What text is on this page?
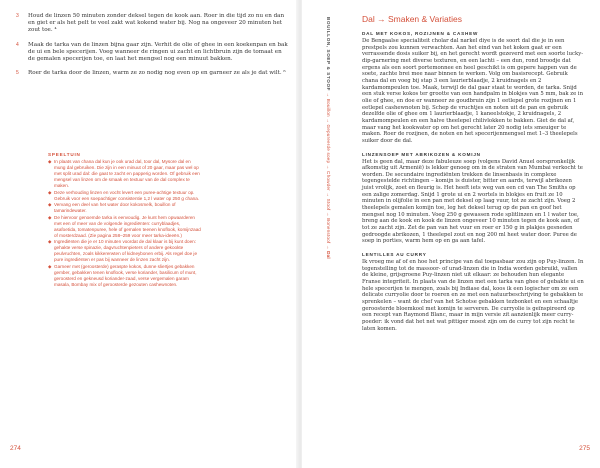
3 Houd de linzen 50 minuten zonder deksel tegen de kook aan. Roer in die tijd zo nu en dan en giet er als het pelt te veel zakt wat kokend water bij. Nog na ongeveer 20 minuten het zout toe. ⁴
4 Maak de tarka van de linzen bijna gaar zijn. Verhit de olie of ghee in een koekenpan en bak de ui en bele specerijen. Voeg wanneer de ringen ui zacht en lichtbruin zijn de tomaat en de gemalen specerijen toe, en laat het mengsel nog een minuut bakken.
5 Roer de tarka door de linzen, warm ze zo nodig nog even op en garneer ze als je dat wilt. ⁶
SPEELTUIN
◆ In plaats van chana dal kun je ook urad dal, toor dal, Mysore dal en mung dal gebruiken. Die zijn in een minuut of 20 gaar, maar pas wel op met split urad dal: die gaat te zacht en papperig worden. Of gebruik een mengsel van linzen om de smaak en textuur van de dal complex te maken.
◆ Deze verhouding linzen en vocht levert een puree-achtige textuur op. Gebruik voor een soepachtiger consistentie 1,2 l water op 250 g chana.
◆ Vervang een deel van het water door kokosmelk, bouillon of tamarindewater.
◆ De hiervoor genoemde tarka is eenvoudig. Je kunt hem opwaarderen met een of meer van de volgende ingrediënten: curryblaadjes, asafoetida, tomatenpuree, hele of gemalen teenen knoflook, komijnzaad of mosterdzaad. (Zie pagina 258–259 voor meer tarka-ideeën.)
◆ Ingrediënten die je er 10 minuten voordat de dal klaar is bij kunt doen: gehakte verse spinazie, dagvruchtenpieters of andere gekookte peulvruchten, zoals kikkererwten of kidneybonen erbij. Als regel doe je pure ingrediënten er pas bij wanneer de linzen zacht zijn.
◆ Garneer met (geroosterde) geraspte kokos, dunne sliertjes gebakken gember, gebakken tenen knoflook, verse koriander, basilicum of munt, geroosterd en gekneusd koriander-zaad, verse vergemalen garam masala, Bombay mix of geroosterde gezouten cashewnoten.
274
BOUILLON, SOEP & STOOF → Bouillon → Gepureerde soep → Chowder → Stoof → Bonenstoof → Dal
Dal → Smaken & Variaties
DAL MET KOKOS, ROZIJNEN & CASHEW
De Bengaalse specialiteit cholar dal narkel diye is de soort dal die je in een prestpels zou kunnen verwachten. Aan het eind van het koken gaat er een verrassende dosis suiker bij, en het gerecht wordt gezeverd met een soorte lucky-dip-garnering met diverse texturen, en een lachti – een dun, rond broodje dat ergens als een soort portemonnee en heel geschikt is om gepere happen van de soete, zachte brei mee naar binnen te werken. Volg om basisrecept. Gebruik chana dal en voeg bij stap 3 een laurierblaadje, 2 kruidnagels en 2 kardamompeulen toe. Maak, terwijl de dal gaar staat te worden, de tarka. Snijd een stuk verse kokos ter grootte van een handpalm in blokjes van 5 mm, bak ze in olie of ghee, en doe er wanneer ze goudbruin zijn 1 eetlepel grote rozijnen en 1 eetlepel cashewnoten bij. Schep de vruchtjes en noten uit de pan en gebruik dezelfde olie of ghee om 1 laurierblaadje, 1 kaneelstokje, 2 kruidnagels, 2 kardamompeulen en een halve theelepel chilivlokken te bakken. Giet de dal af, maar vang het kookwater op om het gerecht later 20 nodig iets smeuiger te maken. Roer de rozijnen, de noten en het specerijenmengsel met 1–3 theelepels suiker door de dal.
LINZENSOEP MET ABRIKOZEN & KOMIJN
Het is geen dal, maar deze fabuleuze soep (volgens David Anuel oorspronkelijk afkomstig uit Armenië) is lekker genoeg om in de straten van Mumbai verkocht te worden. De secundaire ingrediënten trekken de linsenbasis in complexe tegengestelde richtingen – komijn is duister, bitter en aards, terwijl abrikozen juist vrolijk, zoet en fleurig is. Het heeft iets weg van een cd van The Smiths op een zalige zomerdag. Snijd 1 grote ui en 2 wortels in blokjes en fruit ze 10 minuten in olijfolie in een pan met deksel op laag vuur, tot ze zacht zijn. Voeg 2 theelepels gemalen komijn toe, leg het deksel terug op de pan en goof het mengsel nog 10 minuten. Voeg 250 g gewassen rode splitlinzen en 1 l water toe, breng aan de kook en kook de linzen ongeveer 10 minuten tegen de kook aan, of tot ze zacht zijn. Zet de pan van het vuur en roer er 150 g in plakjes gesneden gedroogde abrikozen, 1 theelepel zout en nog 200 ml heet water door. Puree de soep in porties, warm hem op en ga aan tafel.
LENTILLES AU CURRY
Ik vroeg me af of en hoe het principe van dal toepasbaar zou zijn op Puy-linzen. In tegenstelling tot de massoor- of urad-linzen die in India worden gebruikt, vallen de kleine, grijsgroene Puy-linzen niet uit elkaar: ze behouden hun elegante Franse integriteit. In plaats van de linzen met een tarka van ghee of gebakte ui en hele specerijen te mengen, zoals bij Indiase dal, koos ik een logischer om ze een delicate curryolie door te roeren en ze met een natuurbeschrijving te gebakken te sprenkelen – want de chef van het Schotse gebakken tezbonket en een schaaltje geroosterde bloemkool met komijn te serveren. De curryolie is geïnspireerd op een recept van Raymond Blanc, maar in mijn versie zit aanzienlijk meer curry-poeder: ik vond dat het net wat pittiger moest zijn om de curry tot zijn recht te laten komen.
275
